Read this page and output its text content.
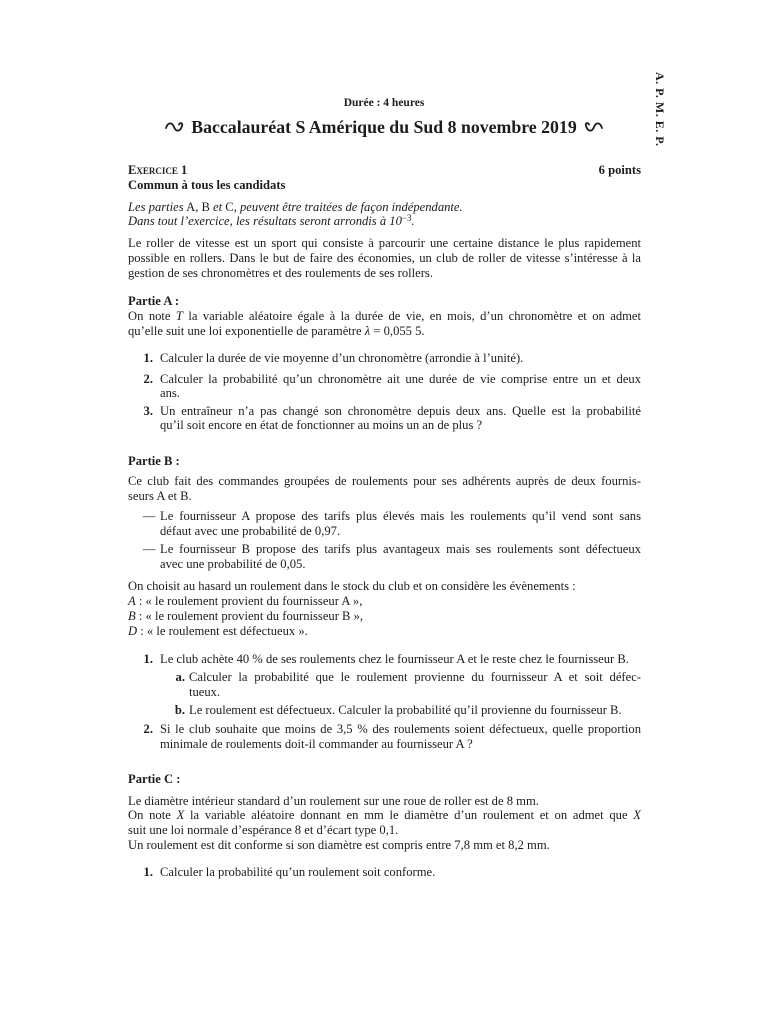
A. P. M. E. P.
Durée : 4 heures
Baccalauréat S Amérique du Sud 8 novembre 2019
Exercice 1	6 points
Commun à tous les candidats
Les parties A, B et C, peuvent être traitées de façon indépendante.
Dans tout l’exercice, les résultats seront arrondis à $10^{-3}$.
Le roller de vitesse est un sport qui consiste à parcourir une certaine distance le plus rapidement
possible en rollers. Dans le but de faire des économies, un club de roller de vitesse s’intéresse à la
gestion de ses chronomètres et des roulements de ses rollers.
Partie A :
On note T la variable aléatoire égale à la durée de vie, en mois, d’un chronomètre et on admet
qu’elle suit une loi exponentielle de paramètre λ = 0,055 5.
1. Calculer la durée de vie moyenne d’un chronomètre (arrondie à l’unité).
2. Calculer la probabilité qu’un chronomètre ait une durée de vie comprise entre un et deux
ans.
3. Un entraîneur n’a pas changé son chronomètre depuis deux ans. Quelle est la probabilité
qu’il soit encore en état de fonctionner au moins un an de plus ?
Partie B :
Ce club fait des commandes groupées de roulements pour ses adhérents auprès de deux fournis-
seurs A et B.
— Le fournisseur A propose des tarifs plus élevés mais les roulements qu’il vend sont sans
défaut avec une probabilité de 0,97.
— Le fournisseur B propose des tarifs plus avantageux mais ses roulements sont défectueux
avec une probabilité de 0,05.
On choisit au hasard un roulement dans le stock du club et on considère les évènements :
A : « le roulement provient du fournisseur A »,
B : « le roulement provient du fournisseur B »,
D : « le roulement est défectueux ».
1. Le club achète 40 % de ses roulements chez le fournisseur A et le reste chez le fournisseur B.
a. Calculer la probabilité que le roulement provienne du fournisseur A et soit défec-
tueux.
b. Le roulement est défectueux. Calculer la probabilité qu’il provienne du fournisseur B.
2. Si le club souhaite que moins de 3,5 % des roulements soient défectueux, quelle proportion
minimale de roulements doit-il commander au fournisseur A ?
Partie C :
Le diamètre intérieur standard d’un roulement sur une roue de roller est de 8 mm.
On note X la variable aléatoire donnant en mm le diamètre d’un roulement et on admet que X
suit une loi normale d’espérance 8 et d’écart type 0,1.
Un roulement est dit conforme si son diamètre est compris entre 7,8 mm et 8,2 mm.
1. Calculer la probabilité qu’un roulement soit conforme.
